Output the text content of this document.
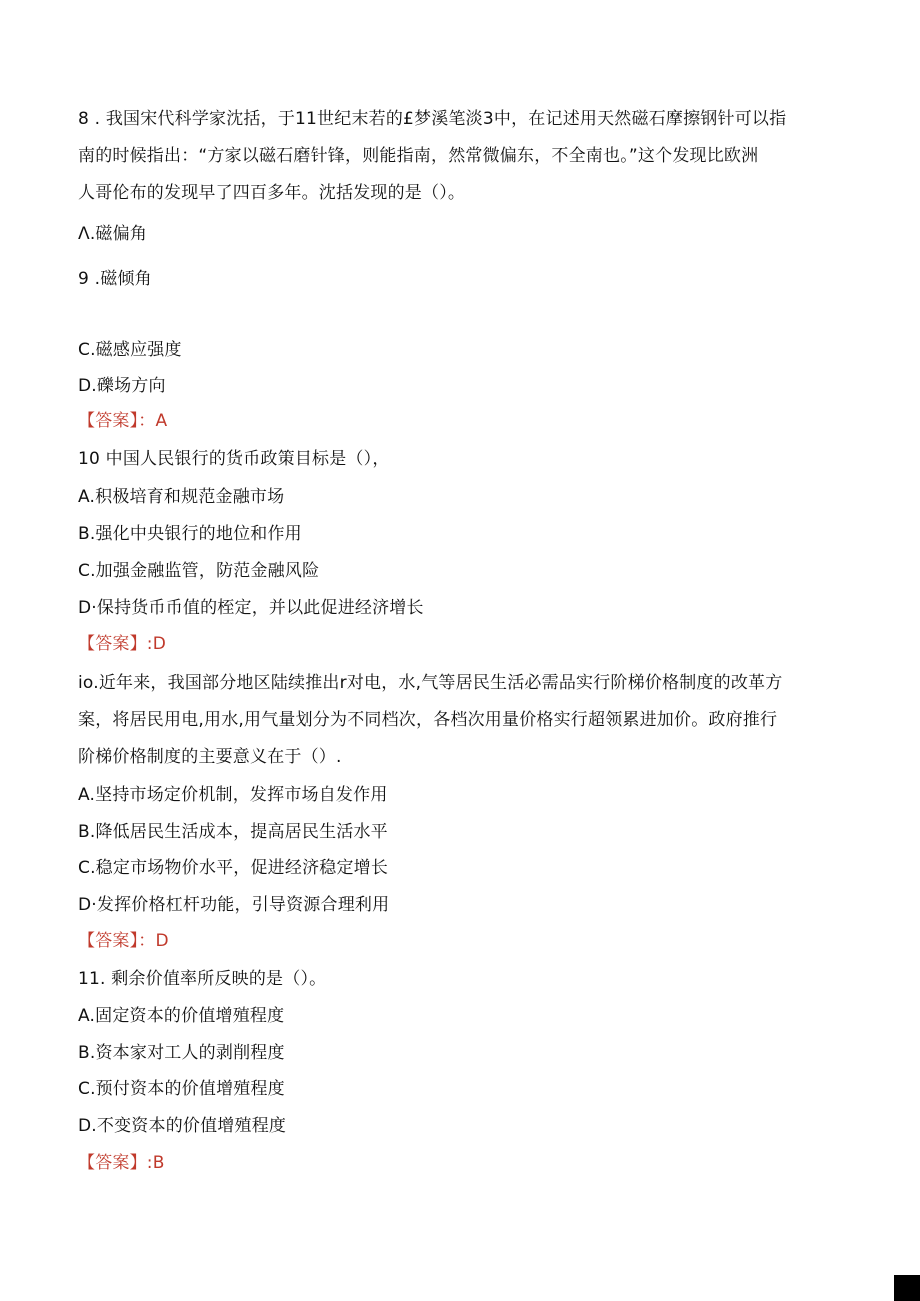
8 . 我国宋代科学家沈括，于11世纪末若的£梦溪笔淡3中，在记述用天然磁石摩擦钢针可以指

南的时候指出：“方家以磁石磨针锋，则能指南，然常微偏东，不全南也。”这个发现比欧洲

人哥伦布的发现早了四百多年。沈括发现的是（）。

Λ.磁偏角

9 .磁倾角

C.磁感应强度

D.礫场方向

【答案】：A

10 中国人民银行的货币政策目标是（），

A.积极培育和规范金融市场

B.强化中央银行的地位和作用

C.加强金融监管，防范金融风险

D·保持货币币值的桎定，并以此促进经济增长

【答案】:D

io.近年来，我国部分地区陆续推出r对电，水,气等居民生活必需品实行阶梯价格制度的改革方

案，将居民用电,用水,用气量划分为不同档次，各档次用量价格实行超领累进加价。政府推行

阶梯价格制度的主要意义在于（）.

A.坚持市场定价机制，发挥市场自发作用

B.降低居民生活成本，提高居民生活水平

C.稳定市场物价水平，促进经济稳定增长

D·发挥价格杠杆功能，引导资源合理利用

【答案】：D

11. 剩余价值率所反映的是（）。

A.固定资本的价值增殖程度

B.资本家对工人的剥削程度

C.预付资本的价值增殖程度

D.不变资本的价值增殖程度

【答案】:B
